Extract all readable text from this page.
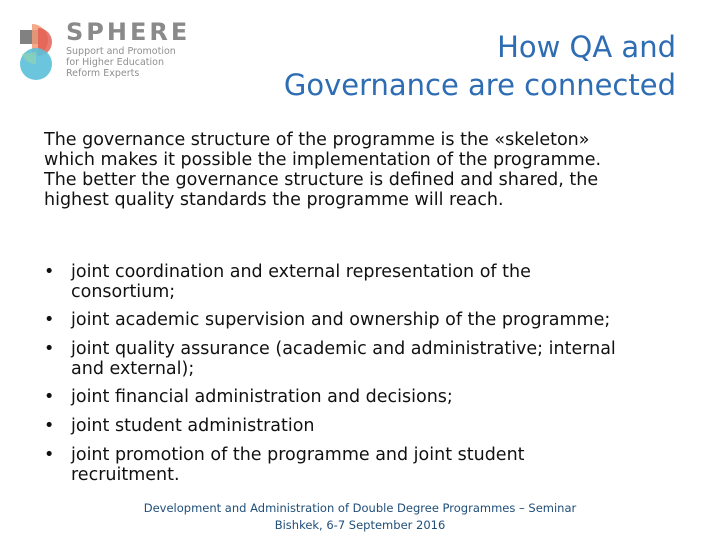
SPHERE
Support and Promotion
for Higher Education
Reform Experts
How QA and
Governance are connected
The governance structure of the programme is the «skeleton»
which makes it possible the implementation of the programme.
The better the governance structure is defined and shared, the
highest quality standards the programme will reach.
• joint coordination and external representation of the
consortium;
• joint academic supervision and ownership of the programme;
• joint quality assurance (academic and administrative; internal
and external);
• joint financial administration and decisions;
• joint student administration
• joint promotion of the programme and joint student
recruitment.
Development and Administration of Double Degree Programmes – Seminar
Bishkek, 6-7 September 2016
